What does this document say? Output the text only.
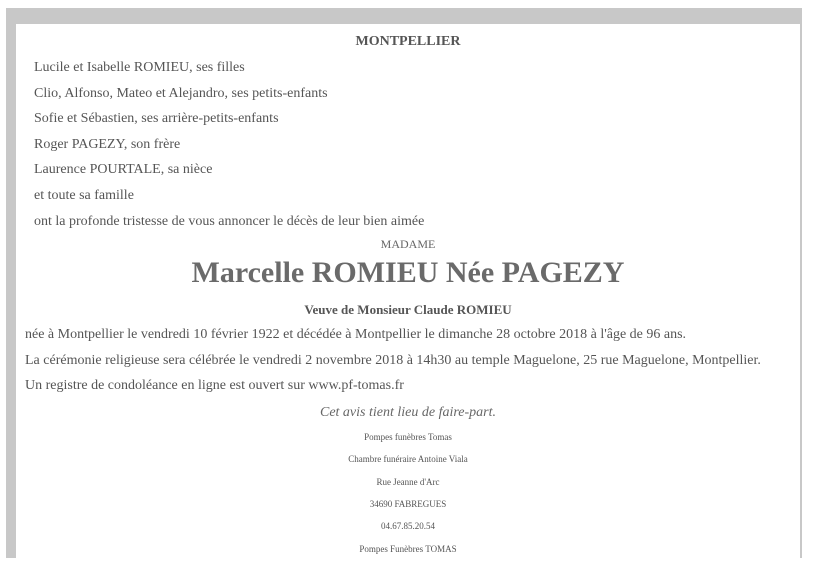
MONTPELLIER
Lucile et Isabelle ROMIEU, ses filles
Clio, Alfonso, Mateo et Alejandro, ses petits-enfants
Sofie et Sébastien, ses arrière-petits-enfants
Roger PAGEZY, son frère
Laurence POURTALE, sa nièce
et toute sa famille
ont la profonde tristesse de vous annoncer le décès de leur bien aimée
MADAME
Marcelle ROMIEU Née PAGEZY
Veuve de Monsieur Claude ROMIEU
née à Montpellier le vendredi 10 février 1922 et décédée à Montpellier le dimanche 28 octobre 2018 à l'âge de 96 ans.
La cérémonie religieuse sera célébrée le vendredi 2 novembre 2018 à 14h30 au temple Maguelone, 25 rue Maguelone, Montpellier.
Un registre de condoléance en ligne est ouvert sur www.pf-tomas.fr
Cet avis tient lieu de faire-part.
Pompes funèbres Tomas
Chambre funéraire Antoine Viala
Rue Jeanne d'Arc
34690 FABREGUES
04.67.85.20.54
Pompes Funèbres TOMAS
